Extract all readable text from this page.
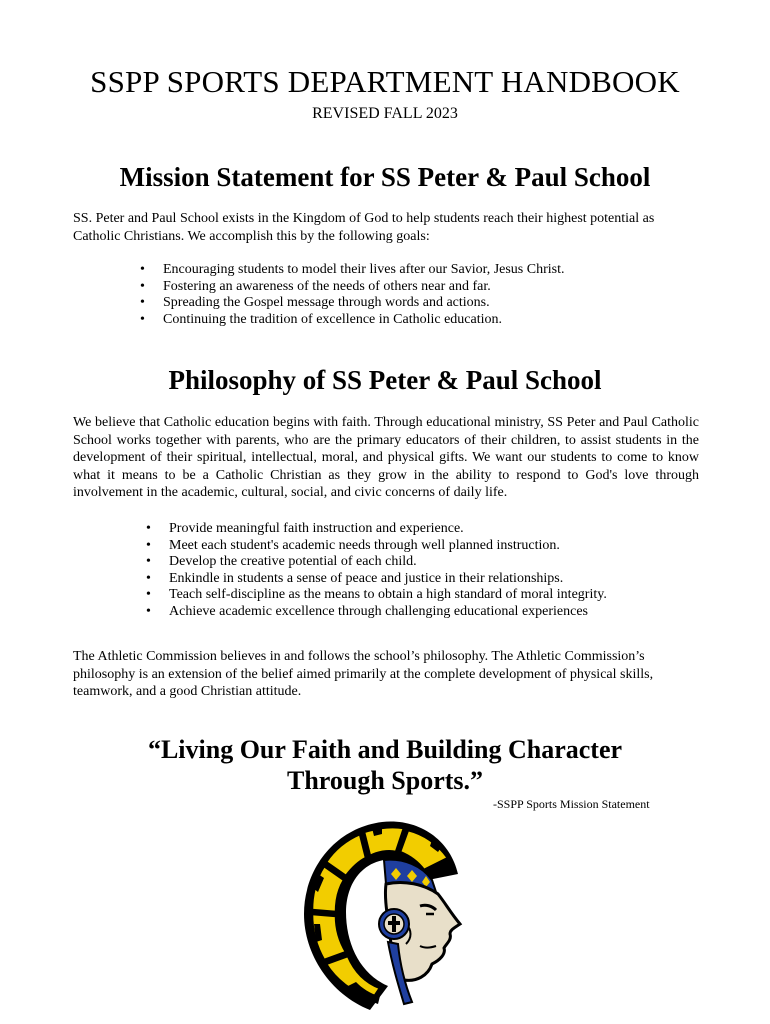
SSPP SPORTS DEPARTMENT HANDBOOK
REVISED FALL 2023
Mission Statement for SS Peter & Paul School
SS. Peter and Paul School exists in the Kingdom of God to help students reach their highest potential as Catholic Christians. We accomplish this by the following goals:
• Encouraging students to model their lives after our Savior, Jesus Christ.
• Fostering an awareness of the needs of others near and far.
• Spreading the Gospel message through words and actions.
• Continuing the tradition of excellence in Catholic education.
Philosophy of SS Peter & Paul School
We believe that Catholic education begins with faith. Through educational ministry, SS Peter and Paul Catholic School works together with parents, who are the primary educators of their children, to assist students in the development of their spiritual, intellectual, moral, and physical gifts. We want our students to come to know what it means to be a Catholic Christian as they grow in the ability to respond to God's love through involvement in the academic, cultural, social, and civic concerns of daily life.
• Provide meaningful faith instruction and experience.
• Meet each student's academic needs through well planned instruction.
• Develop the creative potential of each child.
• Enkindle in students a sense of peace and justice in their relationships.
• Teach self-discipline as the means to obtain a high standard of moral integrity.
• Achieve academic excellence through challenging educational experiences
The Athletic Commission believes in and follows the school’s philosophy. The Athletic Commission’s philosophy is an extension of the belief aimed primarily at the complete development of physical skills, teamwork, and a good Christian attitude.
“Living Our Faith and Building Character
Through Sports.”
-SSPP Sports Mission Statement
